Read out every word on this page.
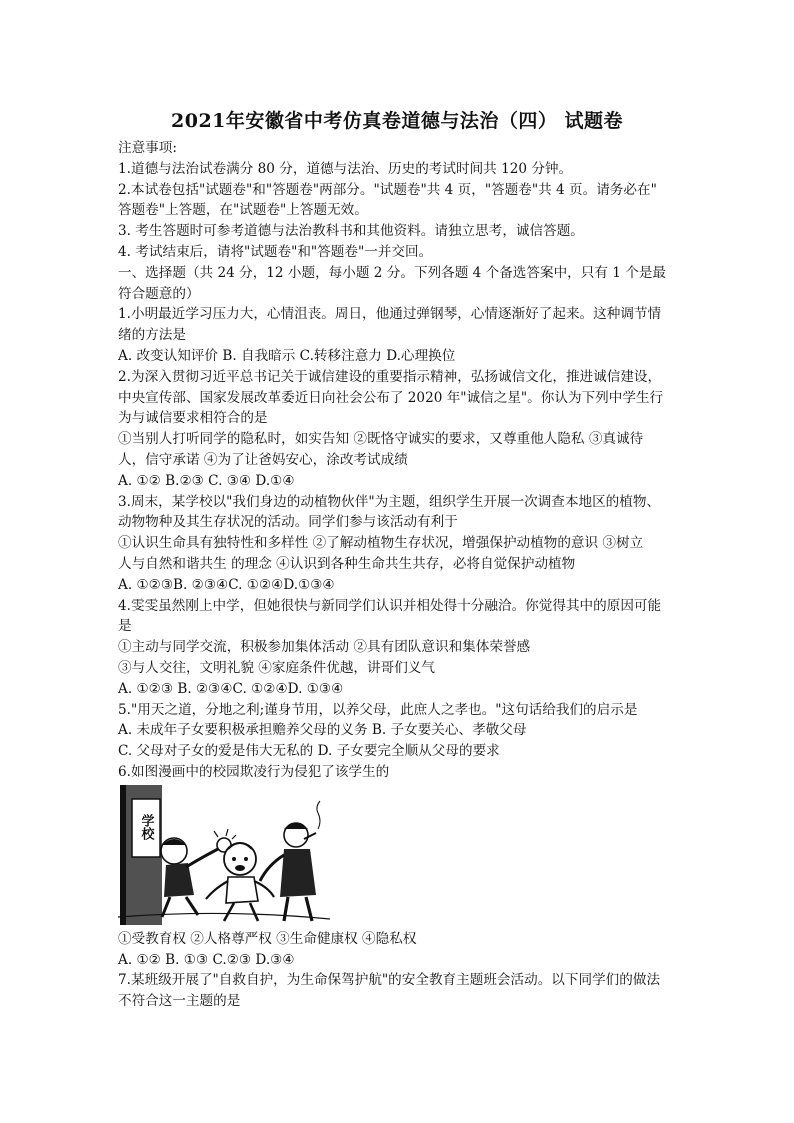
2021年安徽省中考仿真卷道德与法治（四） 试题卷
注意事项:
1.道德与法治试卷满分 80 分，道德与法治、历史的考试时间共 120 分钟。
2.本试卷包括"试题卷"和"答题卷"两部分。"试题卷"共 4 页，"答题卷"共 4 页。请务必在"
答题卷"上答题，在"试题卷"上答题无效。
3. 考生答题时可参考道德与法治教科书和其他资料。请独立思考，诚信答题。
4. 考试结束后，请将"试题卷"和"答题卷"一并交回。
一、选择题（共 24 分，12 小题，每小题 2 分。下列各题 4 个备选答案中，只有 1 个是最
符合题意的）
1.小明最近学习压力大，心情沮丧。周日，他通过弹钢琴，心情逐渐好了起来。这种调节情
绪的方法是
A. 改变认知评价 B. 自我暗示 C.转移注意力 D.心理换位
2.为深入贯彻习近平总书记关于诚信建设的重要指示精神，弘扬诚信文化，推进诚信建设，
中央宣传部、国家发展改革委近日向社会公布了 2020 年"诚信之星"。你认为下列中学生行
为与诚信要求相符合的是
①当别人打听同学的隐私时，如实告知 ②既恪守诚实的要求，又尊重他人隐私 ③真诚待
人，信守承诺 ④为了让爸妈安心，涂改考试成绩
A. ①② B.②③ C. ③④ D.①④
3.周末，某学校以"我们身边的动植物伙伴"为主题，组织学生开展一次调查本地区的植物、
动物物种及其生存状况的活动。同学们参与该活动有利于
①认识生命具有独特性和多样性 ②了解动植物生存状况，增强保护动植物的意识 ③树立
人与自然和谐共生 的理念 ④认识到各种生命共生共存，必将自觉保护动植物
A. ①②③B. ②③④C. ①②④D.①③④
4.雯雯虽然刚上中学，但她很快与新同学们认识并相处得十分融洽。你觉得其中的原因可能
是
①主动与同学交流，积极参加集体活动 ②具有团队意识和集体荣誉感
③与人交往，文明礼貌 ④家庭条件优越，讲哥们义气
A. ①②③ B. ②③④C. ①②④D. ①③④
5."用天之道，分地之利;谨身节用，以养父母，此庶人之孝也。"这句话给我们的启示是
A. 未成年子女要积极承担赡养父母的义务 B. 子女要关心、孝敬父母
C. 父母对子女的爱是伟大无私的 D. 子女要完全顺从父母的要求
6.如图漫画中的校园欺凌行为侵犯了该学生的
学校
①受教育权 ②人格尊严权 ③生命健康权 ④隐私权
A. ①② B. ①③ C.②③ D.③④
7.某班级开展了"自救自护，为生命保驾护航"的安全教育主题班会活动。以下同学们的做法
不符合这一主题的是
